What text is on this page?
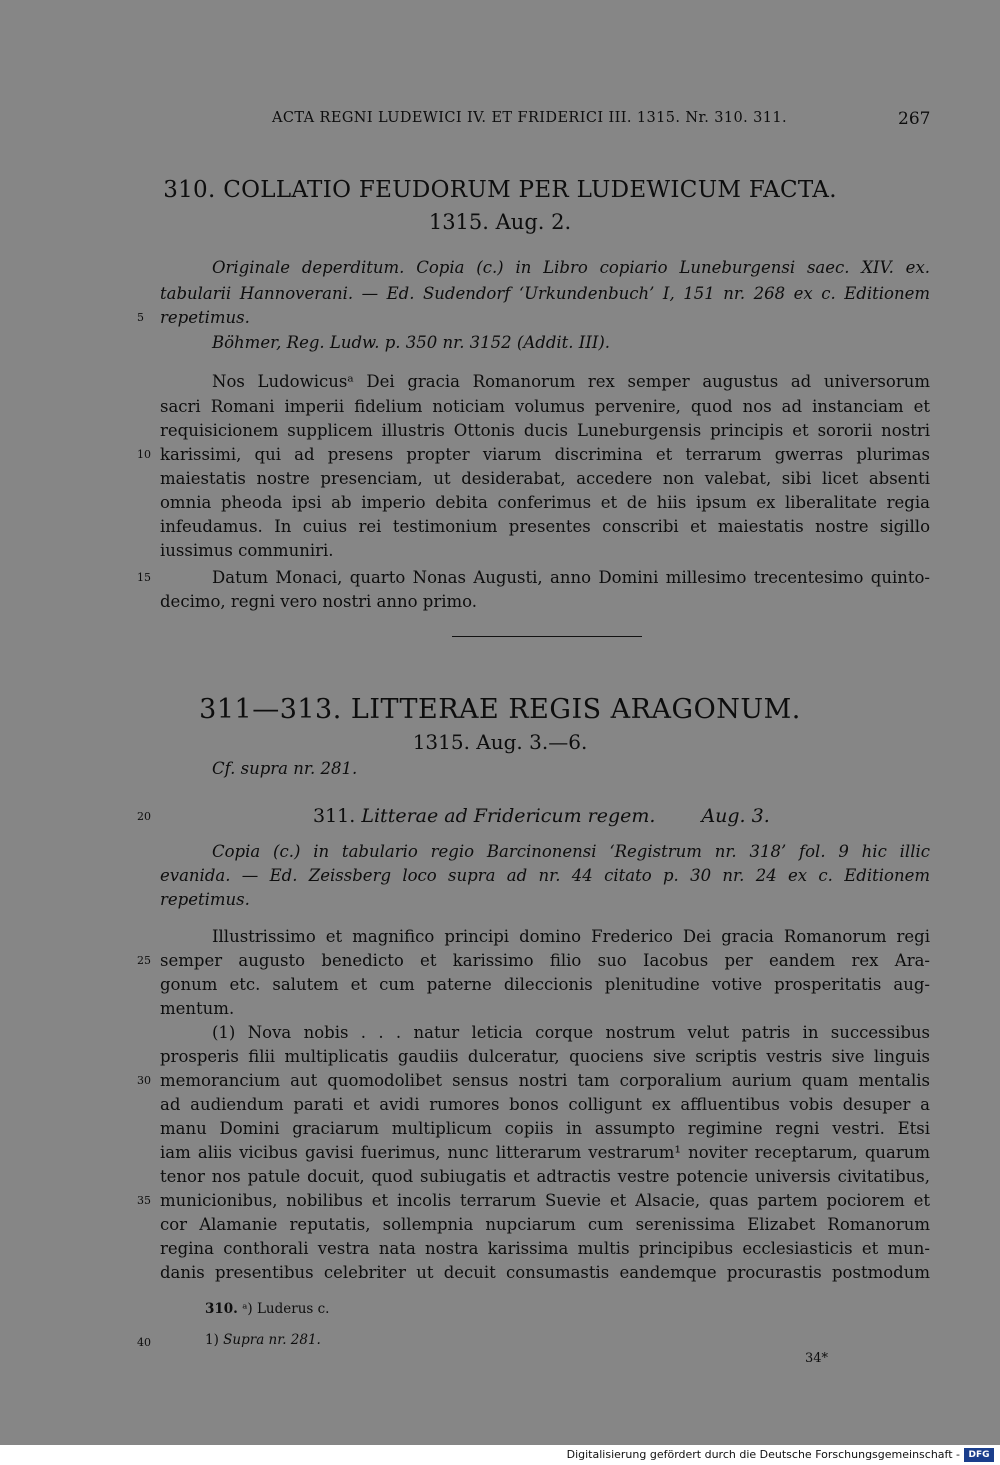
ACTA REGNI LUDEWICI IV. ET FRIDERICI III. 1315. Nr. 310. 311.	267
310. COLLATIO FEUDORUM PER LUDEWICUM FACTA.
1315. Aug. 2.
Originale deperditum. Copia (c.) in Libro copiario Luneburgensi saec. XIV. ex.
tabularii Hannoverani. — Ed. Sudendorf ‘Urkundenbuch’ I, 151 nr. 268 ex c. Editionem
repetimus.
Böhmer, Reg. Ludw. p. 350 nr. 3152 (Addit. III).
Nos Ludowicusᵃ Dei gracia Romanorum rex semper augustus ad universorum
sacri Romani imperii fidelium noticiam volumus pervenire, quod nos ad instanciam et
requisicionem supplicem illustris Ottonis ducis Luneburgensis principis et sororii nostri
karissimi, qui ad presens propter viarum discrimina et terrarum gwerras plurimas
maiestatis nostre presenciam, ut desiderabat, accedere non valebat, sibi licet absenti
omnia pheoda ipsi ab imperio debita conferimus et de hiis ipsum ex liberalitate regia
infeudamus. In cuius rei testimonium presentes conscribi et maiestatis nostre sigillo
iussimus communiri.
Datum Monaci, quarto Nonas Augusti, anno Domini millesimo trecentesimo quinto-
decimo, regni vero nostri anno primo.
311—313. LITTERAE REGIS ARAGONUM.
1315. Aug. 3.—6.
Cf. supra nr. 281.
311. Litterae ad Fridericum regem. Aug. 3.
Copia (c.) in tabulario regio Barcinonensi ‘Registrum nr. 318’ fol. 9 hic illic
evanida. — Ed. Zeissberg loco supra ad nr. 44 citato p. 30 nr. 24 ex c. Editionem
repetimus.
Illustrissimo et magnifico principi domino Frederico Dei gracia Romanorum regi
semper augusto benedicto et karissimo filio suo Iacobus per eandem rex Ara-
gonum etc. salutem et cum paterne dileccionis plenitudine votive prosperitatis aug-
mentum.
(1) Nova nobis . . . natur leticia corque nostrum velut patris in successibus
prosperis filii multiplicatis gaudiis dulceratur, quociens sive scriptis vestris sive linguis
memorancium aut quomodolibet sensus nostri tam corporalium aurium quam mentalis
ad audiendum parati et avidi rumores bonos colligunt ex affluentibus vobis desuper a
manu Domini graciarum multiplicum copiis in assumpto regimine regni vestri. Etsi
iam aliis vicibus gavisi fuerimus, nunc litterarum vestrarum¹ noviter receptarum, quarum
tenor nos patule docuit, quod subiugatis et adtractis vestre potencie universis civitatibus,
municionibus, nobilibus et incolis terrarum Suevie et Alsacie, quas partem pociorem et
cor Alamanie reputatis, sollempnia nupciarum cum serenissima Elizabet Romanorum
regina conthorali vestra nata nostra karissima multis principibus ecclesiasticis et mun-
danis presentibus celebriter ut decuit consumastis eandemque procurastis postmodum
5
10
15
20
25
30
35
40
310. ᵃ) Luderus c.
1) Supra nr. 281.
34*
Digitalisierung gefördert durch die Deutsche Forschungsgemeinschaft - DFG
